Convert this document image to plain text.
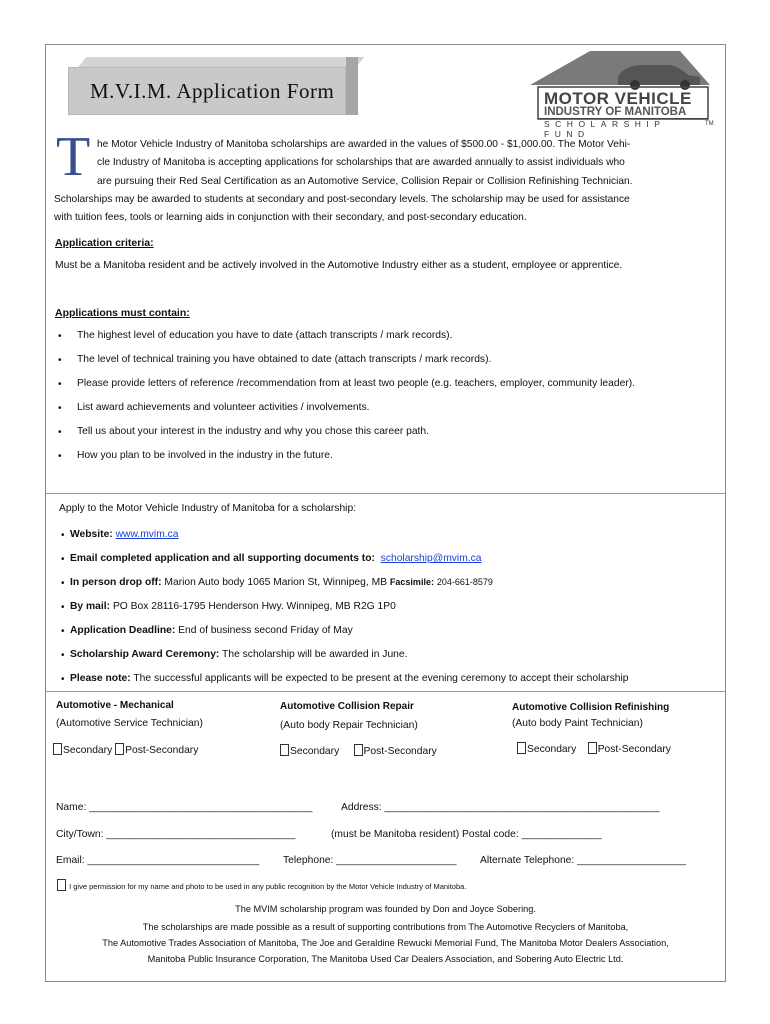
M.V.I.M. Application Form	MOTOR VEHICLE
INDUSTRY OF MANITOBA
SCHOLARSHIP FUND
TM
T he Motor Vehicle Industry of Manitoba scholarships are awarded in the values of $500.00 - $1,000.00. The Motor Vehi-
cle Industry of Manitoba is accepting applications for scholarships that are awarded annually to assist individuals who
are pursuing their Red Seal Certification as an Automotive Service, Collision Repair or Collision Refinishing Technician.
Scholarships may be awarded to students at secondary and post-secondary levels. The scholarship may be used for assistance
with tuition fees, tools or learning aids in conjunction with their secondary, and post-secondary education.
Application criteria:
Must be a Manitoba resident and be actively involved in the Automotive Industry either as a student, employee or apprentice.
Applications must contain:
• The highest level of education you have to date (attach transcripts / mark records).
• The level of technical training you have obtained to date (attach transcripts / mark records).
• Please provide letters of reference /recommendation from at least two people (e.g. teachers, employer, community leader).
• List award achievements and volunteer activities / involvements.
• Tell us about your interest in the industry and why you chose this career path.
• How you plan to be involved in the industry in the future.
Apply to the Motor Vehicle Industry of Manitoba for a scholarship:
• Website: www.mvim.ca
• Email completed application and all supporting documents to: scholarship@mvim.ca
• In person drop off: Marion Auto body 1065 Marion St, Winnipeg, MB Facsimile: 204-661-8579
• By mail: PO Box 28116-1795 Henderson Hwy. Winnipeg, MB R2G 1P0
• Application Deadline: End of business second Friday of May
• Scholarship Award Ceremony: The scholarship will be awarded in June.
• Please note: The successful applicants will be expected to be present at the evening ceremony to accept their scholarship
Automotive - Mechanical
(Automotive Service Technician)
Secondary Post-Secondary
Automotive Collision Repair
(Auto body Repair Technician)
Secondary Post-Secondary
Automotive Collision Refinishing
(Auto body Paint Technician)
Secondary Post-Secondary
Name: _______________________________________	Address: ________________________________________________
City/Town: _________________________________	(must be Manitoba resident) Postal code: ______________
Email: ______________________________ Telephone: _____________________ Alternate Telephone: ___________________
I give permission for my name and photo to be used in any public recognition by the Motor Vehicle Industry of Manitoba.
The MVIM scholarship program was founded by Don and Joyce Sobering.
The scholarships are made possible as a result of supporting contributions from The Automotive Recyclers of Manitoba,
The Automotive Trades Association of Manitoba, The Joe and Geraldine Rewucki Memorial Fund, The Manitoba Motor Dealers Association,
Manitoba Public Insurance Corporation, The Manitoba Used Car Dealers Association, and Sobering Auto Electric Ltd.
